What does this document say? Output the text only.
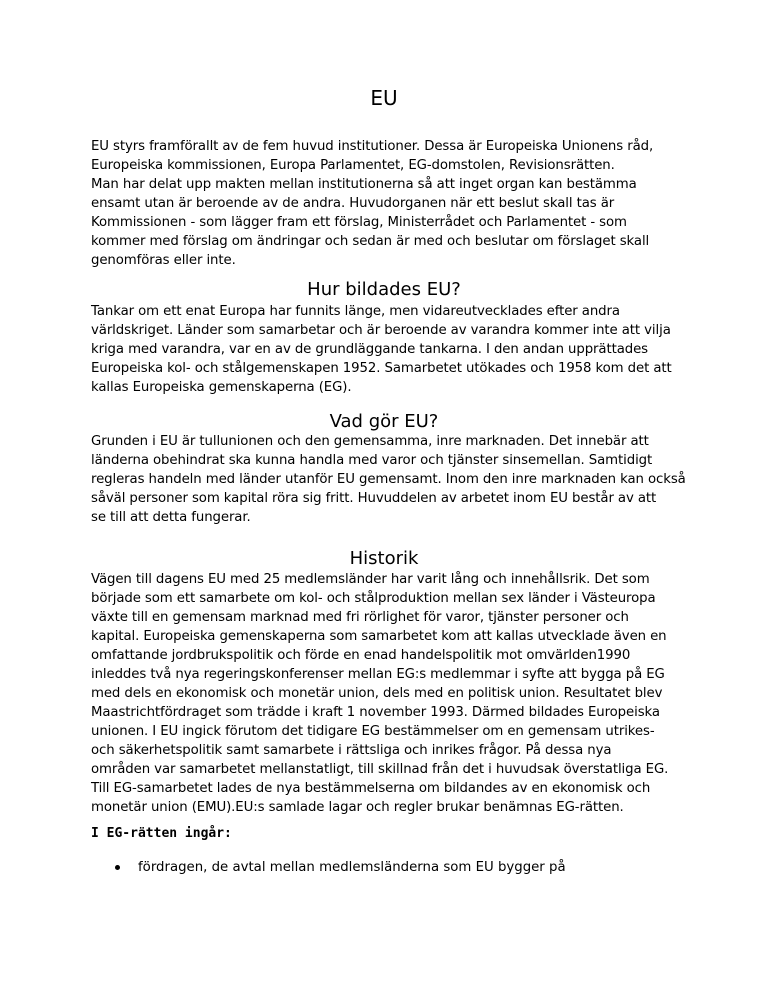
EU

EU styrs framförallt av de fem huvud institutioner. Dessa är Europeiska Unionens råd,
Europeiska kommissionen, Europa Parlamentet, EG-domstolen, Revisionsrätten.
Man har delat upp makten mellan institutionerna så att inget organ kan bestämma
ensamt utan är beroende av de andra. Huvudorganen när ett beslut skall tas är
Kommissionen - som lägger fram ett förslag, Ministerrådet och Parlamentet - som
kommer med förslag om ändringar och sedan är med och beslutar om förslaget skall
genomföras eller inte.

Hur bildades EU?

Tankar om ett enat Europa har funnits länge, men vidareutvecklades efter andra
världskriget. Länder som samarbetar och är beroende av varandra kommer inte att vilja
kriga med varandra, var en av de grundläggande tankarna. I den andan upprättades
Europeiska kol- och stålgemenskapen 1952. Samarbetet utökades och 1958 kom det att
kallas Europeiska gemenskaperna (EG).

Vad gör EU?

Grunden i EU är tullunionen och den gemensamma, inre marknaden. Det innebär att
länderna obehindrat ska kunna handla med varor och tjänster sinsemellan. Samtidigt
regleras handeln med länder utanför EU gemensamt. Inom den inre marknaden kan också
såväl personer som kapital röra sig fritt. Huvuddelen av arbetet inom EU består av att
se till att detta fungerar.

Historik

Vägen till dagens EU med 25 medlemsländer har varit lång och innehållsrik. Det som
började som ett samarbete om kol- och stålproduktion mellan sex länder i Västeuropa
växte till en gemensam marknad med fri rörlighet för varor, tjänster personer och
kapital. Europeiska gemenskaperna som samarbetet kom att kallas utvecklade även en
omfattande jordbrukspolitik och förde en enad handelspolitik mot omvärlden1990
inleddes två nya regeringskonferenser mellan EG:s medlemmar i syfte att bygga på EG
med dels en ekonomisk och monetär union, dels med en politisk union. Resultatet blev
Maastrichtfördraget som trädde i kraft 1 november 1993. Därmed bildades Europeiska
unionen. I EU ingick förutom det tidigare EG bestämmelser om en gemensam utrikes-
och säkerhetspolitik samt samarbete i rättsliga och inrikes frågor. På dessa nya
områden var samarbetet mellanstatligt, till skillnad från det i huvudsak överstatliga EG.
Till EG-samarbetet lades de nya bestämmelserna om bildandes av en ekonomisk och
monetär union (EMU).EU:s samlade lagar och regler brukar benämnas EG-rätten.

I EG-rätten ingår:

fördragen, de avtal mellan medlemsländerna som EU bygger på
